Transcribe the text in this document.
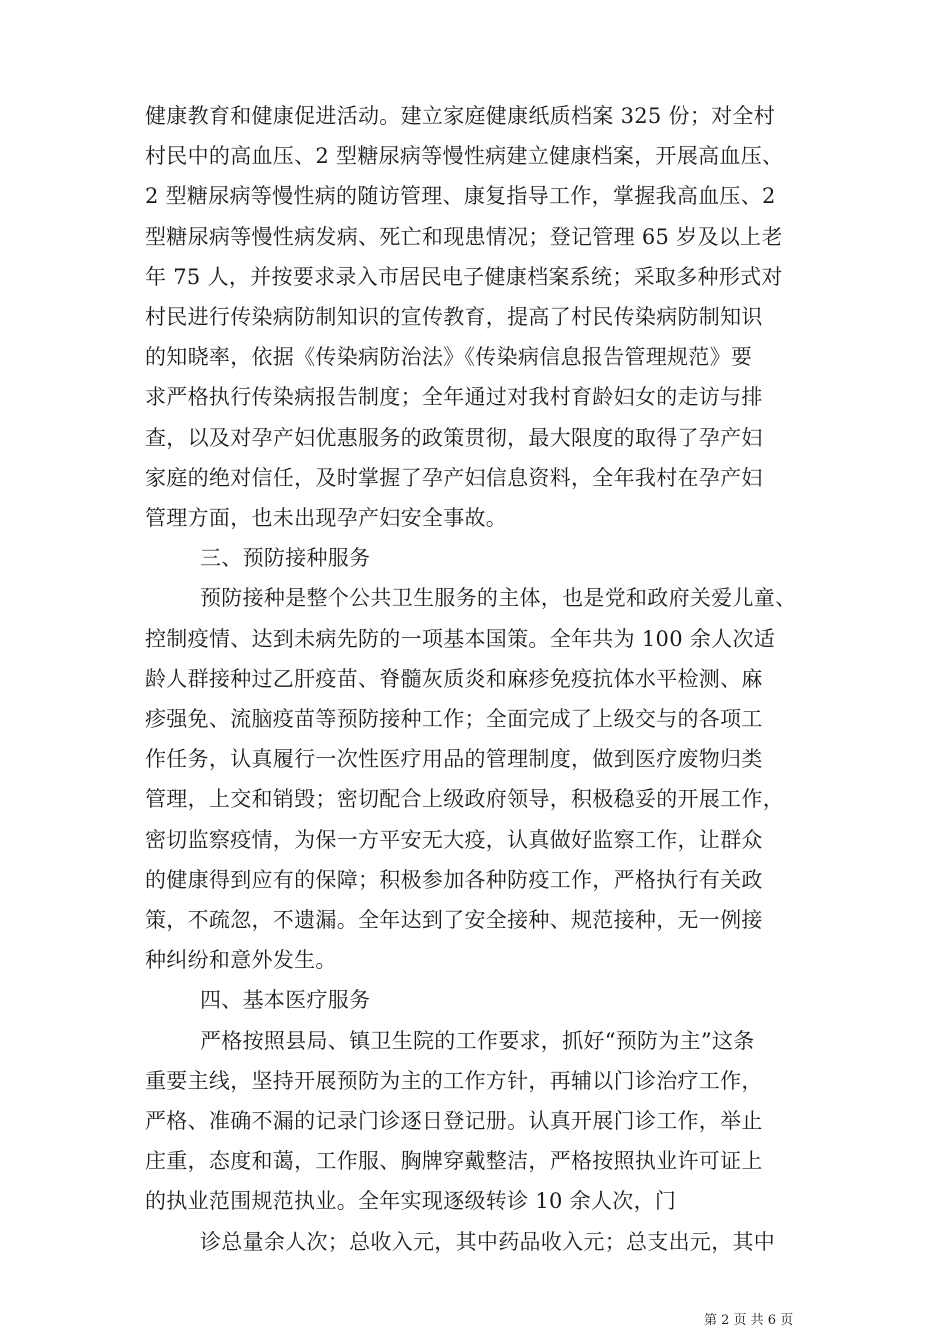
健康教育和健康促进活动。建立家庭健康纸质档案 325 份；对全村

村民中的高血压、2 型糖尿病等慢性病建立健康档案，开展高血压、

2 型糖尿病等慢性病的随访管理、康复指导工作，掌握我高血压、2

型糖尿病等慢性病发病、死亡和现患情况；登记管理 65 岁及以上老

年 75 人，并按要求录入市居民电子健康档案系统；采取多种形式对

村民进行传染病防制知识的宣传教育，提高了村民传染病防制知识

的知晓率，依据《传染病防治法》《传染病信息报告管理规范》要

求严格执行传染病报告制度；全年通过对我村育龄妇女的走访与排

查，以及对孕产妇优惠服务的政策贯彻，最大限度的取得了孕产妇

家庭的绝对信任，及时掌握了孕产妇信息资料，全年我村在孕产妇

管理方面，也未出现孕产妇安全事故。

三、预防接种服务

预防接种是整个公共卫生服务的主体，也是党和政府关爱儿童、

控制疫情、达到未病先防的一项基本国策。全年共为 100 余人次适

龄人群接种过乙肝疫苗、脊髓灰质炎和麻疹免疫抗体水平检测、麻

疹强免、流脑疫苗等预防接种工作；全面完成了上级交与的各项工

作任务，认真履行一次性医疗用品的管理制度，做到医疗废物归类

管理，上交和销毁；密切配合上级政府领导，积极稳妥的开展工作，

密切监察疫情，为保一方平安无大疫，认真做好监察工作，让群众

的健康得到应有的保障；积极参加各种防疫工作，严格执行有关政

策，不疏忽，不遗漏。全年达到了安全接种、规范接种，无一例接

种纠纷和意外发生。

四、基本医疗服务

严格按照县局、镇卫生院的工作要求，抓好“预防为主”这条

重要主线，坚持开展预防为主的工作方针，再辅以门诊治疗工作，

严格、准确不漏的记录门诊逐日登记册。认真开展门诊工作，举止

庄重，态度和蔼，工作服、胸牌穿戴整洁，严格按照执业许可证上

的执业范围规范执业。全年实现逐级转诊 10 余人次，门

诊总量余人次；总收入元，其中药品收入元；总支出元，其中

第 2 页 共 6 页
